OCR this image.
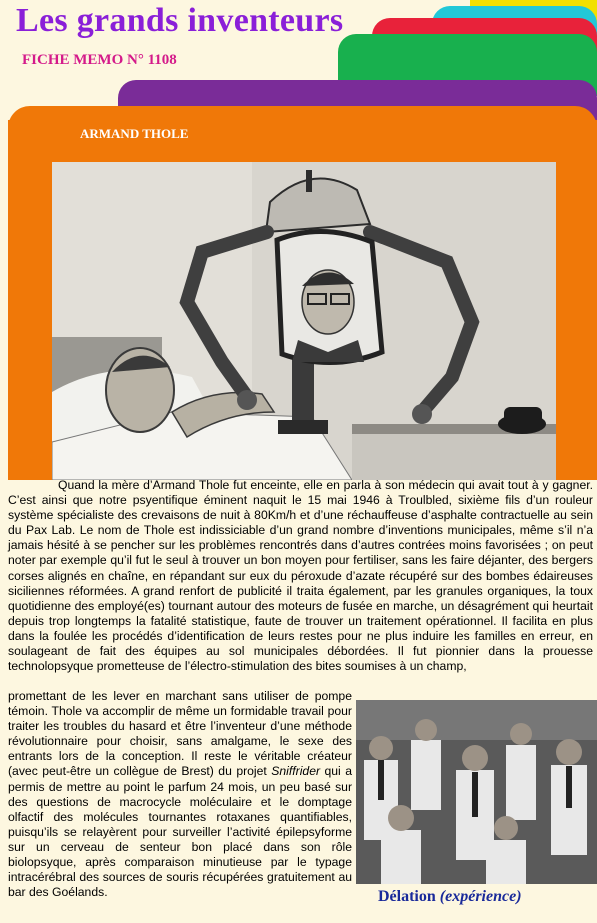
Les grands inventeurs
FICHE MEMO N° 1108
ARMAND THOLE

Quand la mère d’Armand Thole fut enceinte, elle en parla à son médecin qui avait tout à y gagner. C’est ainsi que notre psyentifique éminent naquit le 15 mai 1946 à Troulbled, sixième fils d’un rouleur système spécialiste des crevaisons de nuit à 80Km/h et d’une réchauffeuse d’asphalte contractuelle au sein du Pax Lab. Le nom de Thole est indissiciable d’un grand nombre d’inventions municipales, même s’il n’a jamais hésité à se pencher sur les problèmes rencontrés dans d’autres contrées moins favorisées ; on peut noter par exemple qu’il fut le seul à trouver un bon moyen pour fertiliser, sans les faire déjanter, des bergers corses alignés en chaîne, en répandant sur eux du péroxude d’azate récupéré sur des bombes édaireuses siciliennes réformées. A grand renfort de publicité il traita également, par les granules organiques, la toux quotidienne des employé(es) tournant autour des moteurs de fusée en marche, un désagrément qui heurtait depuis trop longtemps la fatalité statistique, faute de trouver un traitement opérationnel. Il facilita en plus dans la foulée les procédés d’identification de leurs restes pour ne plus induire les familles en erreur, en soulageant de fait des équipes au sol municipales débordées. Il fut pionnier dans la prouesse technolopsyque prometteuse de l’électro-stimulation des bites soumises à un champ,

promettant de les lever en marchant sans utiliser de pompe témoin. Thole va accomplir de même un formidable travail pour traiter les troubles du hasard et être l’inventeur d’une méthode révolutionnaire pour choisir, sans amalgame, le sexe des entrants lors de la conception. Il reste le véritable créateur (avec peut-être un collègue de Brest) du projet Sniffrider qui a permis de mettre au point le parfum 24 mois, un peu basé sur des questions de macrocycle moléculaire et le domptage olfactif des molécules tournantes rotaxanes quantifiables, puisqu’ils se relayèrent pour surveiller l’activité épilepsyforme sur un cerveau de senteur bon placé dans son rôle biolopsyque, après comparaison minutieuse par le typage intracérébral des sources de souris récupérées gratuitement au bar des Goélands.	Délation (expérience)
